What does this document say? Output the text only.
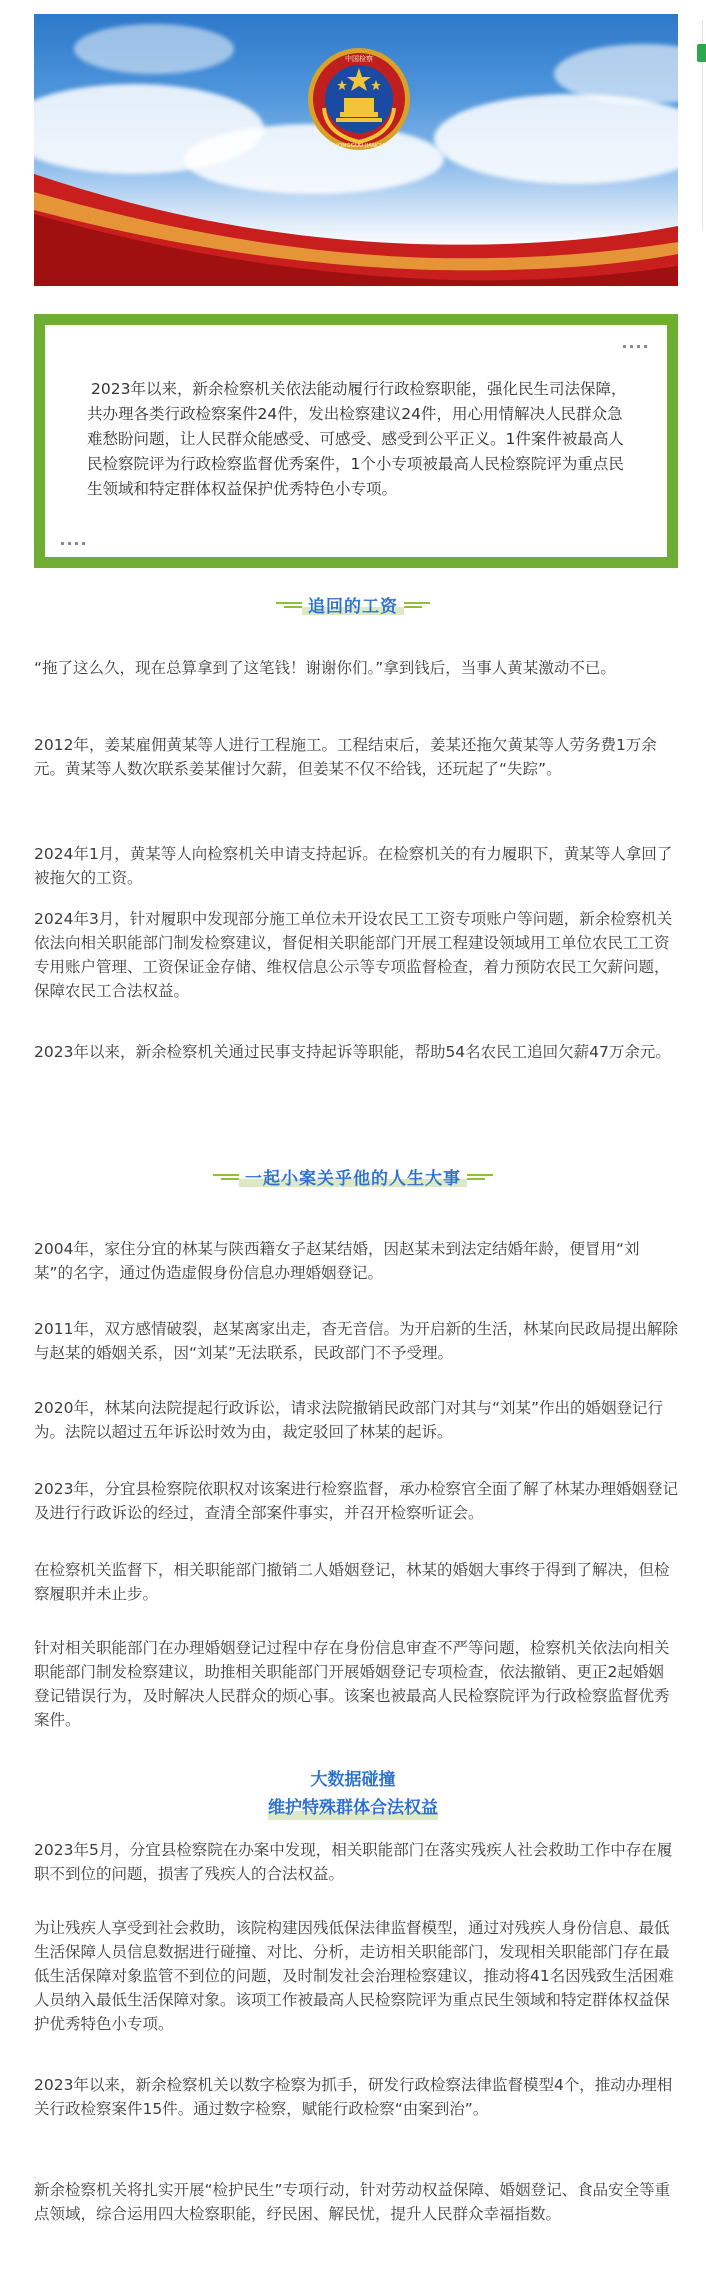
中国检察
ZHONGGUO JIANCHA

2023年以来，新余检察机关依法能动履行行政检察职能，强化民生司法保障，共办理各类行政检察案件24件，发出检察建议24件，用心用情解决人民群众急难愁盼问题，让人民群众能感受、可感受、感受到公平正义。1件案件被最高人民检察院评为行政检察监督优秀案件，1个小专项被最高人民检察院评为重点民生领域和特定群体权益保护优秀特色小专项。

追回的工资

“拖了这么久，现在总算拿到了这笔钱！谢谢你们。”拿到钱后，当事人黄某激动不已。

2012年，姜某雇佣黄某等人进行工程施工。工程结束后，姜某还拖欠黄某等人劳务费1万余元。黄某等人数次联系姜某催讨欠薪，但姜某不仅不给钱，还玩起了“失踪”。

2024年1月，黄某等人向检察机关申请支持起诉。在检察机关的有力履职下，黄某等人拿回了被拖欠的工资。

2024年3月，针对履职中发现部分施工单位未开设农民工工资专项账户等问题，新余检察机关依法向相关职能部门制发检察建议，督促相关职能部门开展工程建设领域用工单位农民工工资专用账户管理、工资保证金存储、维权信息公示等专项监督检查，着力预防农民工欠薪问题，保障农民工合法权益。

2023年以来，新余检察机关通过民事支持起诉等职能，帮助54名农民工追回欠薪47万余元。

一起小案关乎他的人生大事

2004年，家住分宜的林某与陕西籍女子赵某结婚，因赵某未到法定结婚年龄，便冒用“刘某”的名字，通过伪造虚假身份信息办理婚姻登记。

2011年，双方感情破裂，赵某离家出走，杳无音信。为开启新的生活，林某向民政局提出解除与赵某的婚姻关系，因“刘某”无法联系，民政部门不予受理。

2020年，林某向法院提起行政诉讼，请求法院撤销民政部门对其与“刘某”作出的婚姻登记行为。法院以超过五年诉讼时效为由，裁定驳回了林某的起诉。

2023年，分宜县检察院依职权对该案进行检察监督，承办检察官全面了解了林某办理婚姻登记及进行行政诉讼的经过，查清全部案件事实，并召开检察听证会。

在检察机关监督下，相关职能部门撤销二人婚姻登记，林某的婚姻大事终于得到了解决，但检察履职并未止步。

针对相关职能部门在办理婚姻登记过程中存在身份信息审查不严等问题，检察机关依法向相关职能部门制发检察建议，助推相关职能部门开展婚姻登记专项检查，依法撤销、更正2起婚姻登记错误行为，及时解决人民群众的烦心事。该案也被最高人民检察院评为行政检察监督优秀案件。

大数据碰撞
维护特殊群体合法权益

2023年5月，分宜县检察院在办案中发现，相关职能部门在落实残疾人社会救助工作中存在履职不到位的问题，损害了残疾人的合法权益。

为让残疾人享受到社会救助，该院构建因残低保法律监督模型，通过对残疾人身份信息、最低生活保障人员信息数据进行碰撞、对比、分析，走访相关职能部门，发现相关职能部门存在最低生活保障对象监管不到位的问题，及时制发社会治理检察建议，推动将41名因残致生活困难人员纳入最低生活保障对象。该项工作被最高人民检察院评为重点民生领域和特定群体权益保护优秀特色小专项。

2023年以来，新余检察机关以数字检察为抓手，研发行政检察法律监督模型4个，推动办理相关行政检察案件15件。通过数字检察，赋能行政检察“由案到治”。

新余检察机关将扎实开展“检护民生”专项行动，针对劳动权益保障、婚姻登记、食品安全等重点领域，综合运用四大检察职能，纾民困、解民忧，提升人民群众幸福指数。
